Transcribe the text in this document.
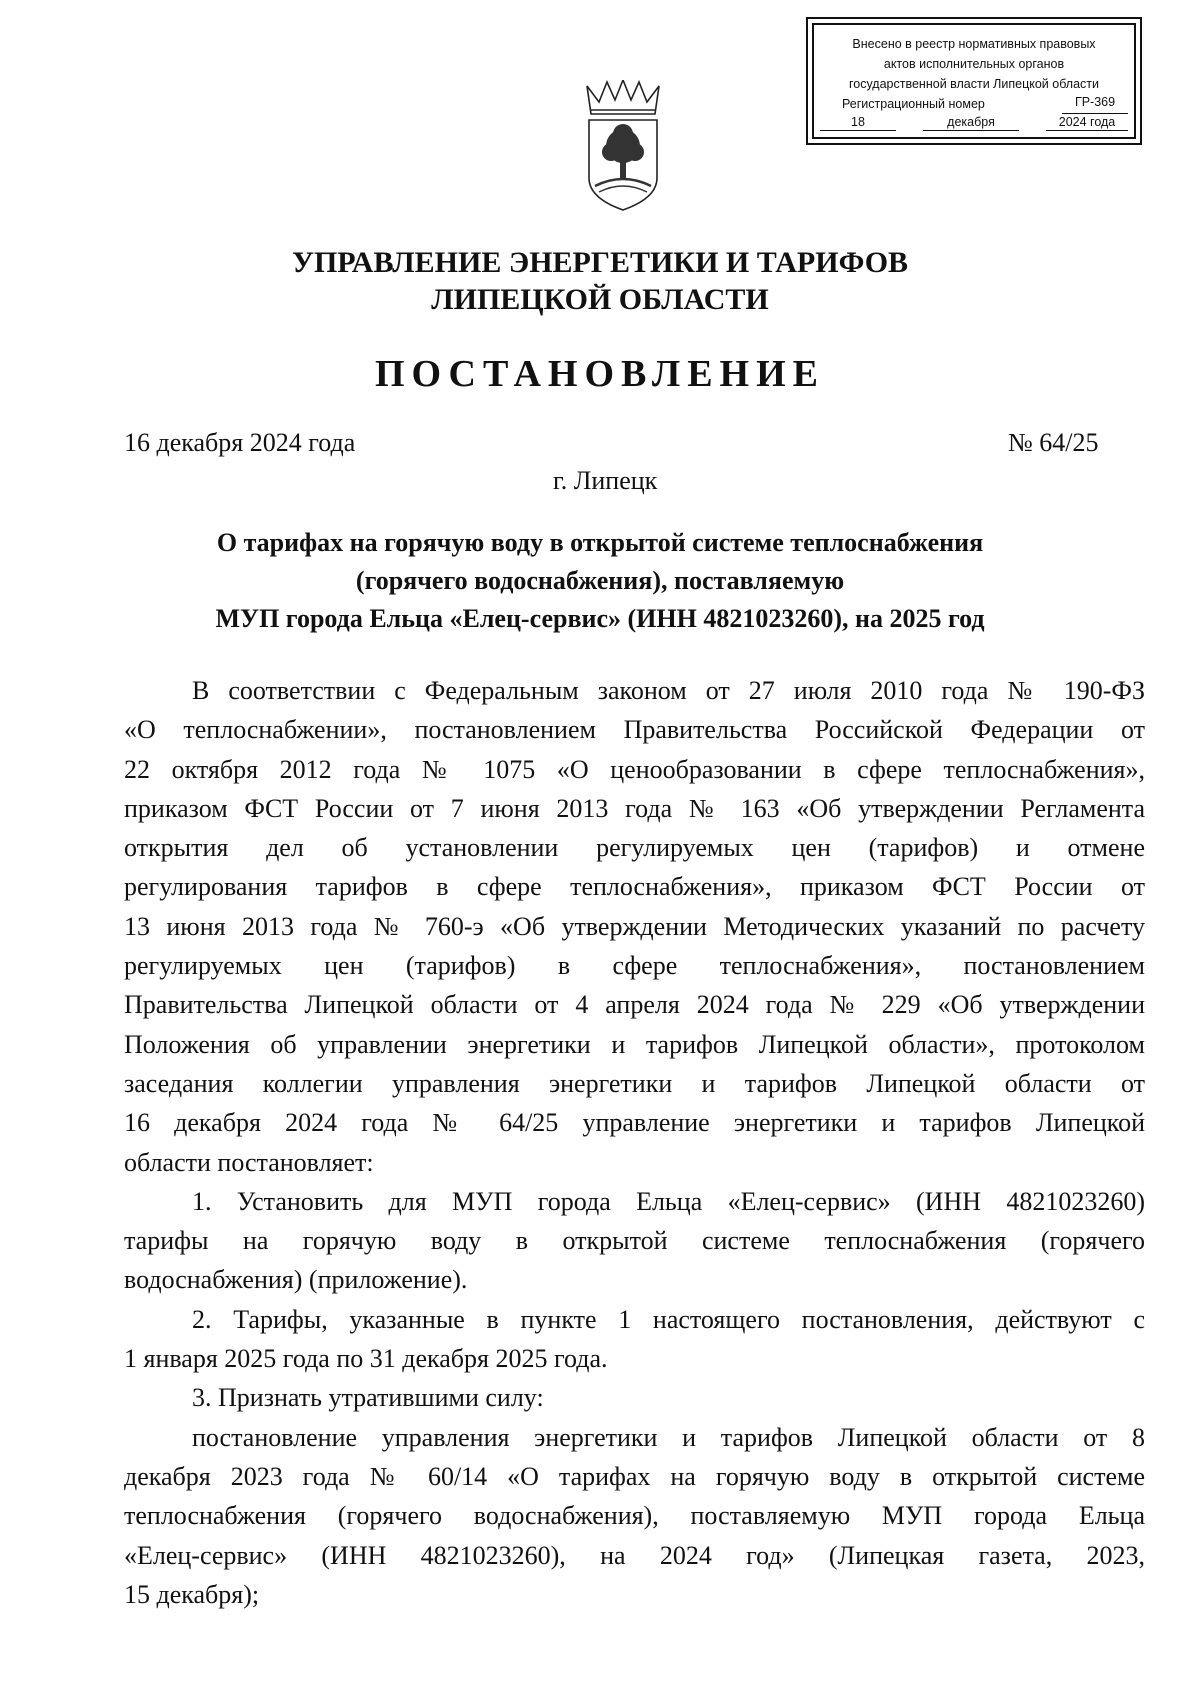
Внесено в реестр нормативных правовых
актов исполнительных органов
государственной власти Липецкой области
Регистрационный номер	ГР-369
18	декабря	2024 года
УПРАВЛЕНИЕ ЭНЕРГЕТИКИ И ТАРИФОВ
ЛИПЕЦКОЙ ОБЛАСТИ
ПОСТАНОВЛЕНИЕ
16 декабря 2024 года	№ 64/25
г. Липецк
О тарифах на горячую воду в открытой системе теплоснабжения
(горячего водоснабжения), поставляемую
МУП города Ельца «Елец-сервис» (ИНН 4821023260), на 2025 год
В соответствии с Федеральным законом от 27 июля 2010 года № 190-ФЗ
«О теплоснабжении», постановлением Правительства Российской Федерации от
22 октября 2012 года № 1075 «О ценообразовании в сфере теплоснабжения»,
приказом ФСТ России от 7 июня 2013 года № 163 «Об утверждении Регламента
открытия дел об установлении регулируемых цен (тарифов) и отмене
регулирования тарифов в сфере теплоснабжения», приказом ФСТ России от
13 июня 2013 года № 760-э «Об утверждении Методических указаний по расчету
регулируемых цен (тарифов) в сфере теплоснабжения», постановлением
Правительства Липецкой области от 4 апреля 2024 года № 229 «Об утверждении
Положения об управлении энергетики и тарифов Липецкой области», протоколом
заседания коллегии управления энергетики и тарифов Липецкой области от
16 декабря 2024 года № 64/25 управление энергетики и тарифов Липецкой
области постановляет:
1. Установить для МУП города Ельца «Елец-сервис» (ИНН 4821023260)
тарифы на горячую воду в открытой системе теплоснабжения (горячего
водоснабжения) (приложение).
2. Тарифы, указанные в пункте 1 настоящего постановления, действуют с
1 января 2025 года по 31 декабря 2025 года.
3. Признать утратившими силу:
постановление управления энергетики и тарифов Липецкой области от 8
декабря 2023 года № 60/14 «О тарифах на горячую воду в открытой системе
теплоснабжения (горячего водоснабжения), поставляемую МУП города Ельца
«Елец-сервис» (ИНН 4821023260), на 2024 год» (Липецкая газета, 2023,
15 декабря);
